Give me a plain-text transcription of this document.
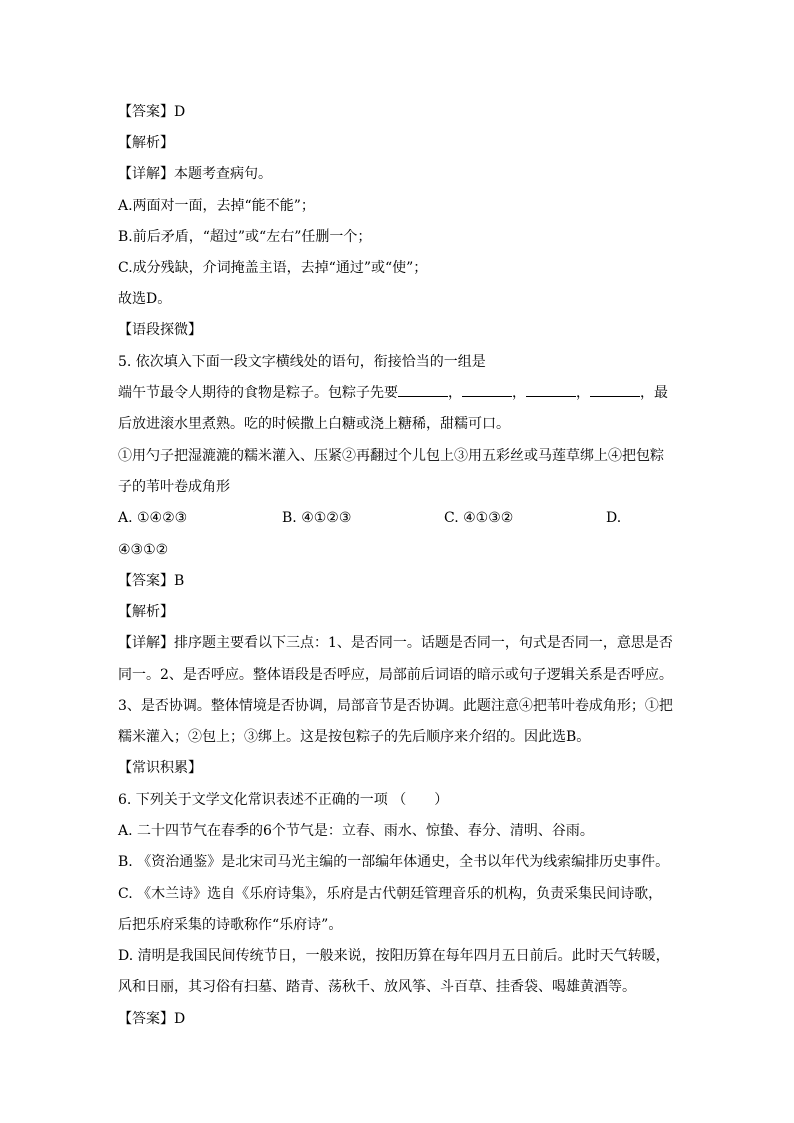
【答案】D

【解析】

【详解】本题考查病句。

A.两面对一面，去掉“能不能”；

B.前后矛盾，“超过”或“左右”任删一个；

C.成分残缺，介词掩盖主语，去掉“通过”或“使”；

故选D。

【语段探微】

5. 依次填入下面一段文字横线处的语句，衔接恰当的一组是

端午节最令人期待的食物是粽子。包粽子先要	，	，	，	，最

后放进滚水里煮熟。吃的时候撒上白糖或浇上糖稀，甜糯可口。

①用勺子把湿漉漉的糯米灌入、压紧②再翻过个儿包上③用五彩丝或马莲草绑上④把包粽

子的苇叶卷成角形

A. ①④②③	B. ④①②③	C. ④①③②	D.

④③①②

【答案】B

【解析】

【详解】排序题主要看以下三点：1、是否同一。话题是否同一，句式是否同一，意思是否

同一。2、是否呼应。整体语段是否呼应，局部前后词语的暗示或句子逻辑关系是否呼应。

3、是否协调。整体情境是否协调，局部音节是否协调。此题注意④把苇叶卷成角形；①把

糯米灌入；②包上；③绑上。这是按包粽子的先后顺序来介绍的。因此选B。

【常识积累】

6. 下列关于文学文化常识表述不正确的一项 （　　）

A. 二十四节气在春季的6个节气是：立春、雨水、惊蛰、春分、清明、谷雨。

B. 《资治通鉴》是北宋司马光主编的一部编年体通史，全书以年代为线索编排历史事件。

C. 《木兰诗》选自《乐府诗集》，乐府是古代朝廷管理音乐的机构，负责采集民间诗歌，

后把乐府采集的诗歌称作“乐府诗”。

D. 清明是我国民间传统节日，一般来说，按阳历算在每年四月五日前后。此时天气转暖，

风和日丽，其习俗有扫墓、踏青、荡秋千、放风筝、斗百草、挂香袋、喝雄黄酒等。

【答案】D
